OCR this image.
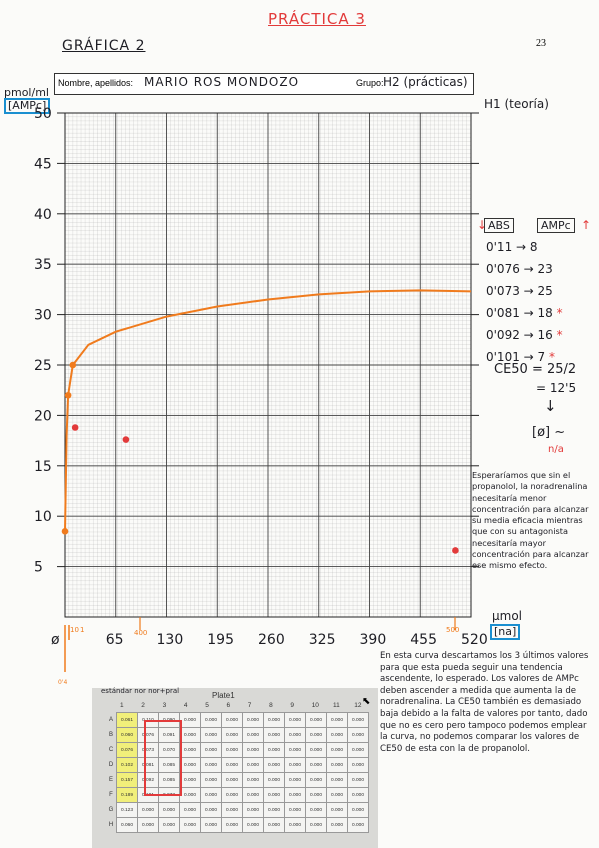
PRÁCTICA 3
GRÁFICA 2	23
Nombre, apellidos: MARIO ROS MONDOZO	Grupo: H2 (prácticas)
pmol/ml
[AMPc]	H1 (teoría)
5
10
15
20
25
30
35
40
45
50
ø	65 130 195 260 325 390 455 520
10 1	400	500
0'4
↓ ABS	AMPc ↑
0'11 → 8
0'076 → 23
0'073 → 25
0'081 → 18 *
0'092 → 16 *
0'101 → 7 *
CE50 = 25/2
= 12'5
↓
[ø] ~
n/a
Esperaríamos que sin el propanolol, la noradrenalina necesitaría menor concentración para alcanzar su media eficacia mientras que con su antagonista necesitaría mayor concentración para alcanzar ese mismo efecto.
µmol
[na]
En esta curva descartamos los 3 últimos valores para que esta pueda seguir una tendencia ascendente, lo esperado. Los valores de AMPc deben ascender a medida que aumenta la de noradrenalina. La CE50 también es demasiado baja debido a la falta de valores por tanto, dado que no es cero pero tampoco podemos emplear la curva, no podemos comparar los valores de CE50 de esta con la de propanolol.
Plate1
1	2	3	4	5	6	7	8	9	10 11 12
A	0.061	0.110	0.090	0.000	0.000	0.000	0.000	0.000	0.000	0.000	0.000	0.000
B	0.060	0.076	0.091	0.000	0.000	0.000	0.000	0.000	0.000	0.000	0.000	0.000
C	0.076	0.073	0.070	0.000	0.000	0.000	0.000	0.000	0.000	0.000	0.000	0.000
D	0.102	0.081	0.085	0.000	0.000	0.000	0.000	0.000	0.000	0.000	0.000	0.000
E	0.157	0.092	0.085	0.000	0.000	0.000	0.000	0.000	0.000	0.000	0.000	0.000
F	0.189	0.101	0.073	0.000	0.000	0.000	0.000	0.000	0.000	0.000	0.000	0.000
G	0.123	0.000	0.000	0.000	0.000	0.000	0.000	0.000	0.000	0.000	0.000	0.000
H	0.060	0.000	0.000	0.000	0.000	0.000	0.000	0.000	0.000	0.000	0.000	0.000
estándar nor nor+pral
⬉
